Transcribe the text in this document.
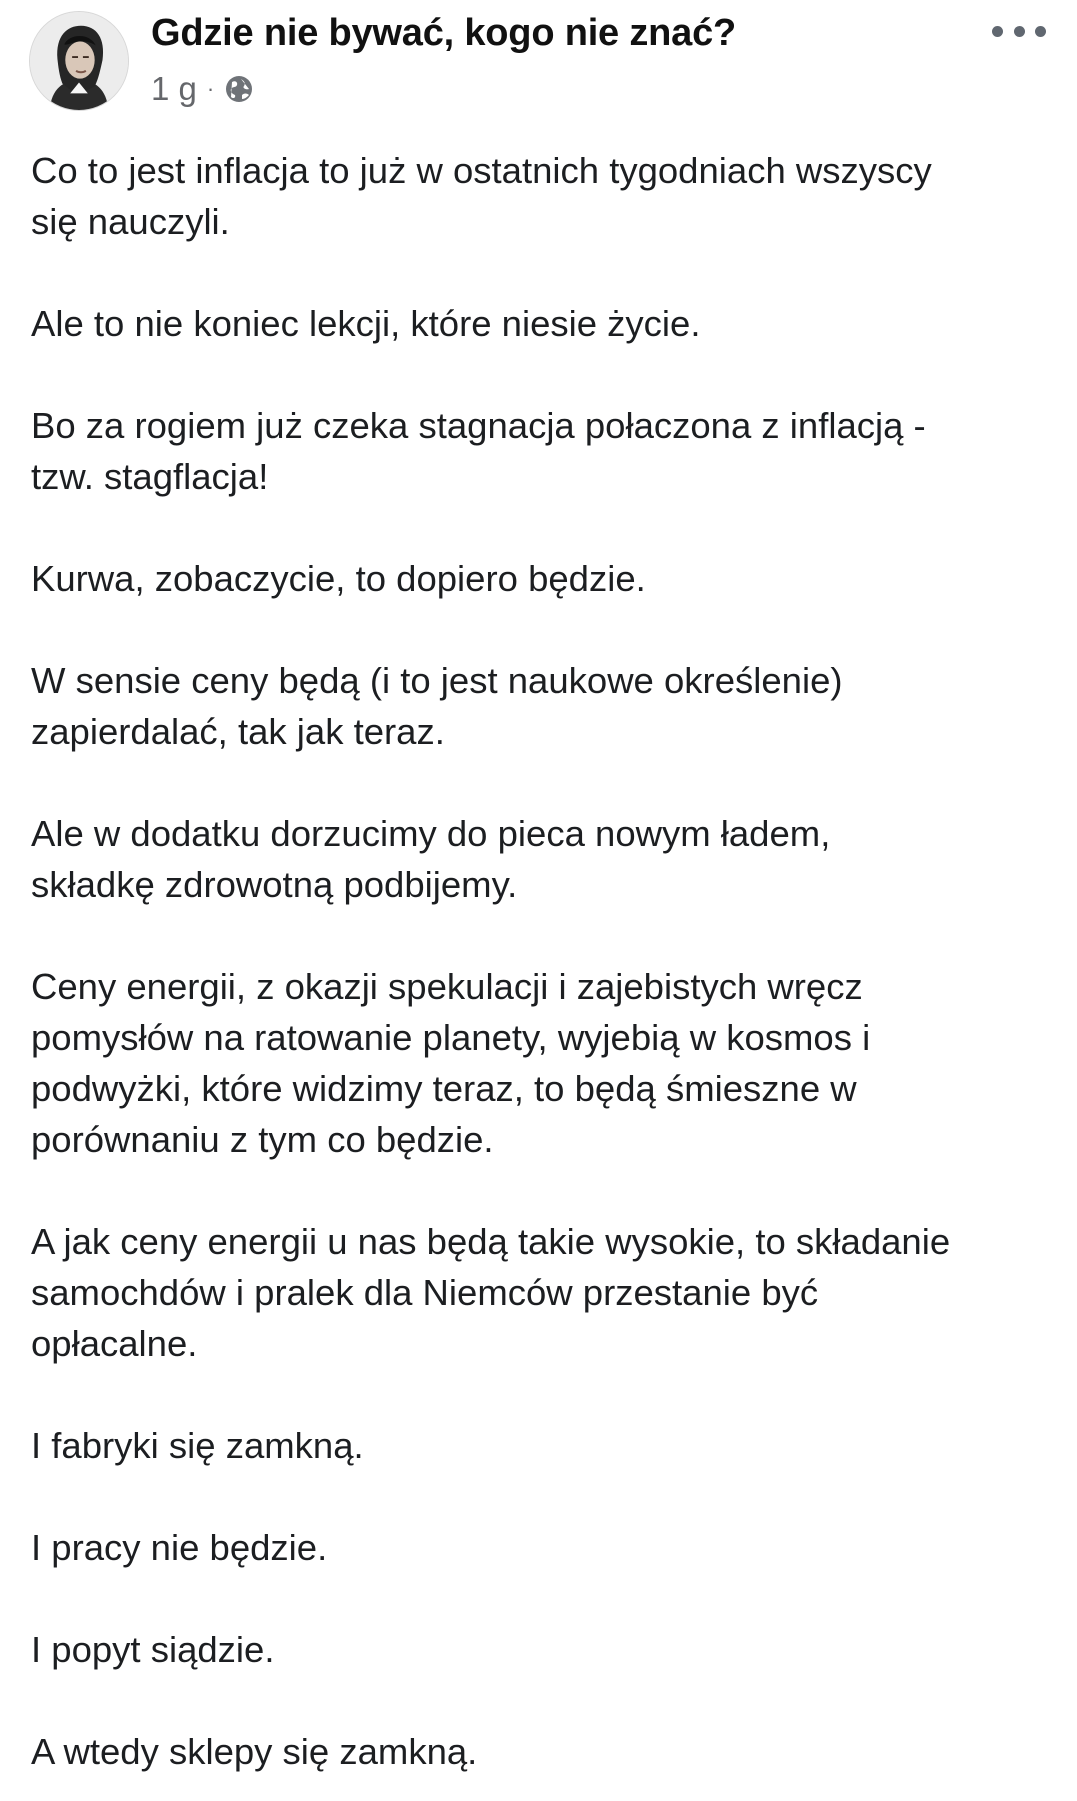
Gdzie nie bywać, kogo nie znać?
1 g ·

Co to jest inflacja to już w ostatnich tygodniach wszyscy
się nauczyli.

Ale to nie koniec lekcji, które niesie życie.

Bo za rogiem już czeka stagnacja połaczona z inflacją -
tzw. stagflacja!

Kurwa, zobaczycie, to dopiero będzie.

W sensie ceny będą (i to jest naukowe określenie)
zapierdalać, tak jak teraz.

Ale w dodatku dorzucimy do pieca nowym ładem,
składkę zdrowotną podbijemy.

Ceny energii, z okazji spekulacji i zajebistych wręcz
pomysłów na ratowanie planety, wyjebią w kosmos i
podwyżki, które widzimy teraz, to będą śmieszne w
porównaniu z tym co będzie.

A jak ceny energii u nas będą takie wysokie, to składanie
samochdów i pralek dla Niemców przestanie być
opłacalne.

I fabryki się zamkną.

I pracy nie będzie.

I popyt siądzie.

A wtedy sklepy się zamkną.
